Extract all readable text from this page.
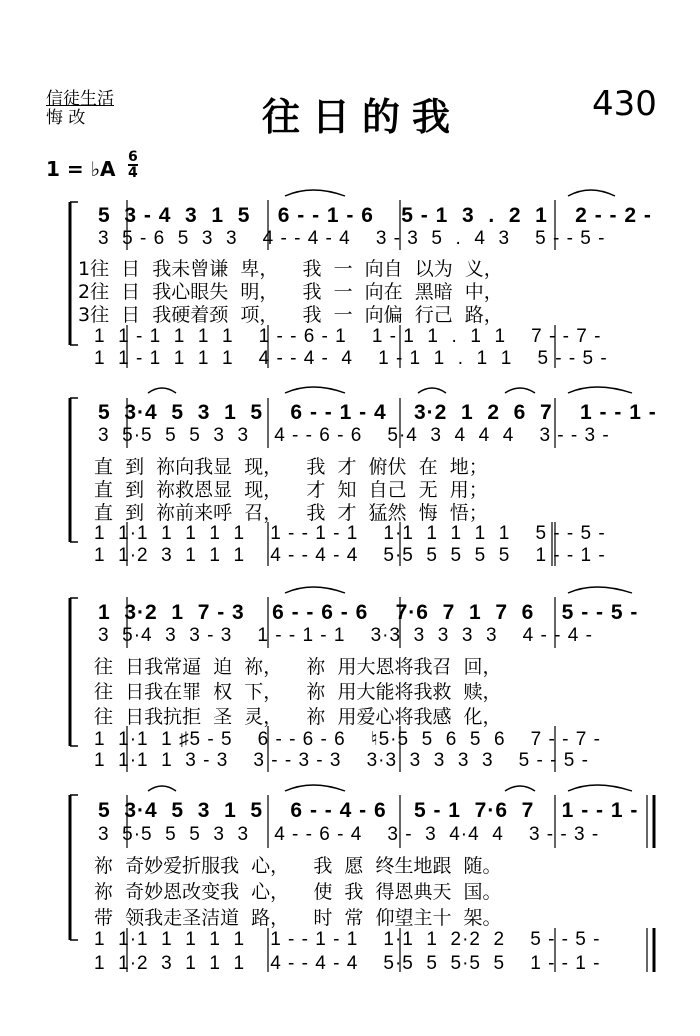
信徒生活
悔 改	往日的我	430
1 = ♭A 6
4
5  3 - 4  3  1  5    6 - - 1 - 6    5 - 1  3  .  2  1    2 - - 2 -
3  5 - 6  5  3  3    4 - - 4 - 4    3 - 3  5  .  4  3    5 - - 5 -
1往  日  我未曾谦  卑，    我  一  向自  以为  义，
2往  日  我心眼失  明，    我  一  向在  黑暗  中，
3往  日  我硬着颈  项，    我  一  向偏  行己  路，
1  1 - 1  1  1  1    1 - - 6 - 1    1 - 1  1  .  1  1    7 - - 7 -
1  1 - 1  1  1  1    4 - - 4 -  4    1 - 1  1  .  1  1    5 - - 5 -
5  3·4  5  3  1  5    6 - - 1 - 4    3·2  1  2  6  7    1 - - 1 -
3  5·5  5  5  3  3    4 - - 6 - 6    5·4  3  4  4  4    3 - - 3 -
直  到  祢向我显  现，    我  才  俯伏  在  地；
直  到  祢救恩显  现，    才  知  自己  无  用；
直  到  祢前来呼  召，    我  才  猛然  悔  悟；
1  1·1  1  1  1  1    1 - - 1 - 1    1·1  1  1  1  1    5 - - 5 -
1  1·2  3  1  1  1    4 - - 4 - 4    5·5  5  5  5  5    1 - - 1 -
1  3·2  1  7 - 3    6 - - 6 - 6    7·6  7  1  7  6    5 - - 5 -
3  5·4  3  3 - 3    1 - - 1 - 1    3·3  3  3  3  3    4 - - 4 -
往  日我常逼  迫  祢，    祢  用大恩将我召  回，
往  日我在罪  权  下，    祢  用大能将我救  赎，
往  日我抗拒  圣  灵，    祢  用爱心将我感  化，
1  1·1  1 ♯5 - 5    6 - - 6 - 6    ♮5·5  5  6  5  6    7 - - 7 -
1  1·1  1  3 - 3    3 - - 3 - 3    3·3  3  3  3  3    5 - - 5 -
5  3·4  5  3  1  5    6 - - 4 - 6    5 - 1  7·6  7    1 - - 1 -
3  5·5  5  5  3  3    4 - - 6 - 4    3 -  3  4·4  4    3 - - 3 -
祢  奇妙爱折服我  心，    我  愿  终生地跟  随。
祢  奇妙恩改变我  心，    使  我  得恩典天  国。
带  领我走圣洁道  路，    时  常  仰望主十  架。
1  1·1  1  1  1  1    1 - - 1 - 1    1·1  1  2·2  2    5 - - 5 -
1  1·2  3  1  1  1    4 - - 4 - 4    5·5  5  5·5  5    1 - - 1 -
